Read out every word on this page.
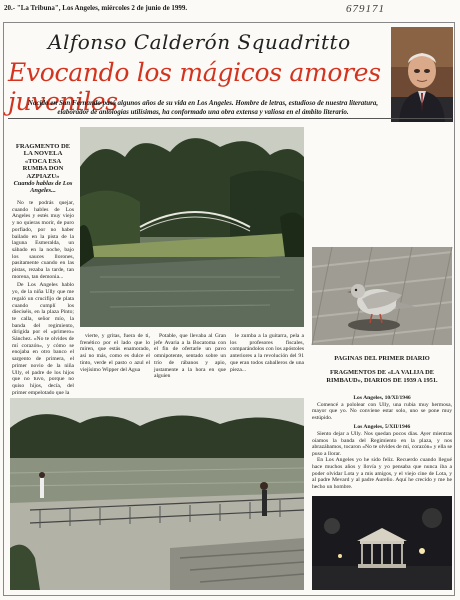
20.- "La Tribuna", Los Angeles, miércoles 2 de junio de 1999.	679171
Alfonso Calderón Squadritto
Evocando los mágicos amores juveniles
Nacido en San Fernando pasó algunos años de su vida en Los Angeles. Hombre de letras, estudioso de nuestra literatura, elaborador de antologías utilísimas, ha conformado una obra extensa y valiosa en el ámbito literario.
FRAGMENTO DE LA NOVELA «TOCA ESA RUMBA DON AZPIAZU»
Cuando hablas de Los Angeles...

No te podrás quejar, cuando hables de Los Angeles y estés muy viejo y no quieras morir, de puro porfiado, por no haber bailado en la pista de la laguna Esmeralda, un sábado en la noche, bajo los sauces llorones, pasitamente cuando en las pistas, rezaba la tarde, tan morena, tan demonia...

De Los Angeles hablo yo, de la niña Ully que me regaló un crucifijo de plata cuando cumplí los dieciséis, en la plaza Pinto; te calla, señor mío, la banda del regimiento, dirigida por el «primero» Sánchez. «No te olvides de mí corazón», y cómo se enojaba en otro banco el sargento de primera, el primer novio de la niña Ully, el padre de los hijos que no tuvo, porque no quiso hijos, decía, del primer empelotado que la

vierte, y gritas, fuera de ti, frenético por el lado que lo miren, que estás enamorado, así no más, como es dulce el tinto, verde el pasto o azul el viejísimo Wipper del Agua

Potable, que llevaba al Gran jefe Avaria a la Bocatoma con el fin de ofertarle un pavo omnipotente, sentado sobre un trío de rábanos y apio, justamente a la hora en que alguien

le zumba a la guitarra, pela a los profesores fiscales, comparándolos con los apóstoles anteriores a la revolución del 91 que eran todos caballeros de una pieza...

PAGINAS DEL PRIMER DIARIO
FRAGMENTOS DE «LA VALIJA DE RIMBAUD», DIARIOS DE 1939 A 1951.

Los Angeles, 10/XI/1946

Comencé a pololear con Ully, una rubia muy hermosa, mayor que yo. No conviene estar solo, uno se pone muy estúpido.

Los Angeles, 5/XII/1946

Siento dejar a Ully. Nos quedan pocos días. Ayer mientras oíamos la banda del Regimiento en la plaza, y nos abrazábamos, tocaron «No te olvides de mí, corazón» y ella se puso a llorar.

En Los Angeles yo he sido feliz. Recuerdo cuando llegué hace muchos años y llovía y yo pensaba que nunca iba a poder olvidar Lota y a mis amigos, y el viejo cine de Lota, y al padre Mevard y al padre Aurelio. Aquí he crecido y me he hecho un hombre.
